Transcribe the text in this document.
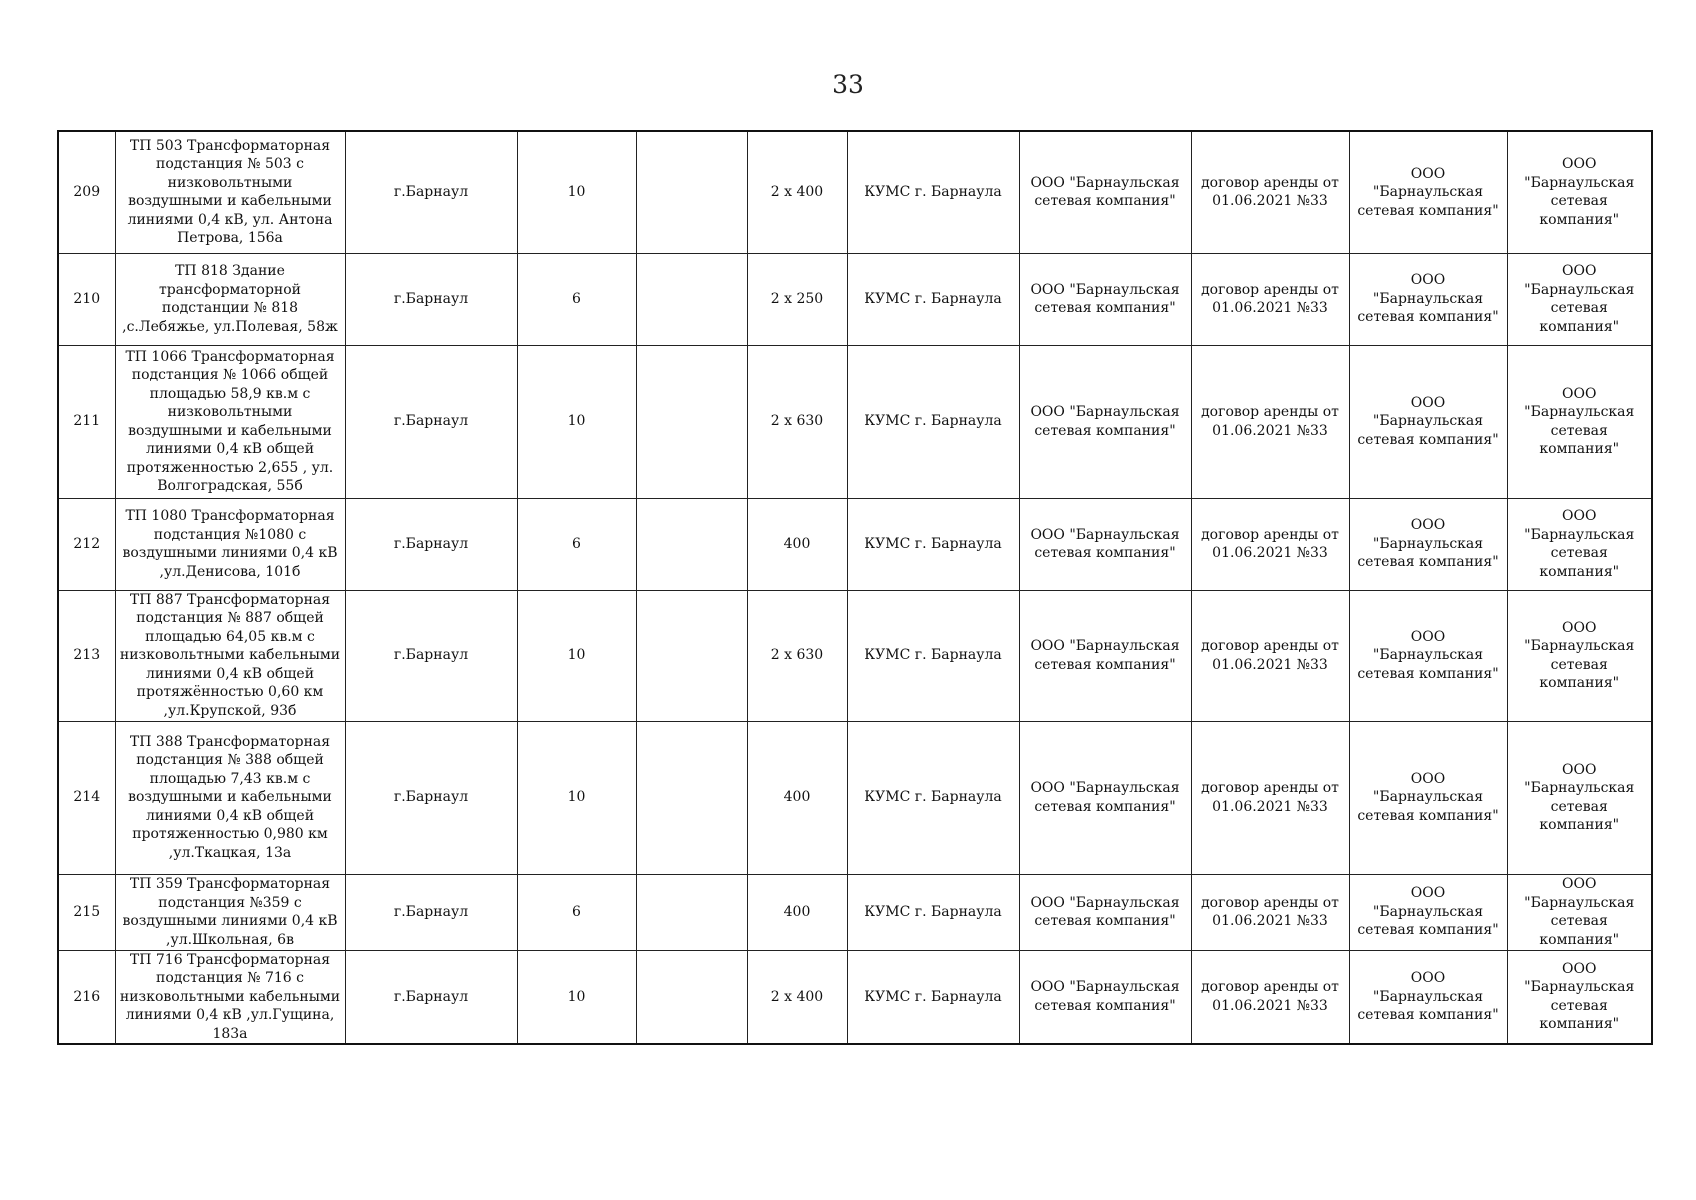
33
209	ТП 503 Трансформаторная подстанция № 503 с низковольтными воздушными и кабельными линиями 0,4 кВ, ул. Антона Петрова, 156а	г.Барнаул	10		2 х 400	КУМС г. Барнаула	ООО "Барнаульская сетевая компания"	договор аренды от 01.06.2021 №33	ООО "Барнаульская сетевая компания"	ООО "Барнаульская сетевая компания"
210	ТП 818 Здание трансформаторной подстанции № 818 ,с.Лебяжье, ул.Полевая, 58ж	г.Барнаул	6		2 х 250	КУМС г. Барнаула	ООО "Барнаульская сетевая компания"	договор аренды от 01.06.2021 №33	ООО "Барнаульская сетевая компания"	ООО "Барнаульская сетевая компания"
211	ТП 1066 Трансформаторная подстанция № 1066 общей площадью 58,9 кв.м с низковольтными воздушными и кабельными линиями 0,4 кВ общей протяженностью 2,655 , ул. Волгоградская, 55б	г.Барнаул	10		2 х 630	КУМС г. Барнаула	ООО "Барнаульская сетевая компания"	договор аренды от 01.06.2021 №33	ООО "Барнаульская сетевая компания"	ООО "Барнаульская сетевая компания"
212	ТП 1080 Трансформаторная подстанция №1080 с воздушными линиями 0,4 кВ ,ул.Денисова, 101б	г.Барнаул	6		400	КУМС г. Барнаула	ООО "Барнаульская сетевая компания"	договор аренды от 01.06.2021 №33	ООО "Барнаульская сетевая компания"	ООО "Барнаульская сетевая компания"
213	ТП 887 Трансформаторная подстанция № 887 общей площадью 64,05 кв.м с низковольтными кабельными линиями 0,4 кВ общей протяжённостью 0,60 км ,ул.Крупской, 93б	г.Барнаул	10		2 х 630	КУМС г. Барнаула	ООО "Барнаульская сетевая компания"	договор аренды от 01.06.2021 №33	ООО "Барнаульская сетевая компания"	ООО "Барнаульская сетевая компания"
214	ТП 388 Трансформаторная подстанция № 388 общей площадью 7,43 кв.м с воздушными и кабельными линиями 0,4 кВ общей протяженностью 0,980 км ,ул.Ткацкая, 13а	г.Барнаул	10		400	КУМС г. Барнаула	ООО "Барнаульская сетевая компания"	договор аренды от 01.06.2021 №33	ООО "Барнаульская сетевая компания"	ООО "Барнаульская сетевая компания"
215	ТП 359 Трансформаторная подстанция №359 с воздушными линиями 0,4 кВ ,ул.Школьная, 6в	г.Барнаул	6		400	КУМС г. Барнаула	ООО "Барнаульская сетевая компания"	договор аренды от 01.06.2021 №33	ООО "Барнаульская сетевая компания"	ООО "Барнаульская сетевая компания"
216	ТП 716 Трансформаторная подстанция № 716 с низковольтными кабельными линиями 0,4 кВ ,ул.Гущина, 183а	г.Барнаул	10		2 х 400	КУМС г. Барнаула	ООО "Барнаульская сетевая компания"	договор аренды от 01.06.2021 №33	ООО "Барнаульская сетевая компания"	ООО "Барнаульская сетевая компания"
